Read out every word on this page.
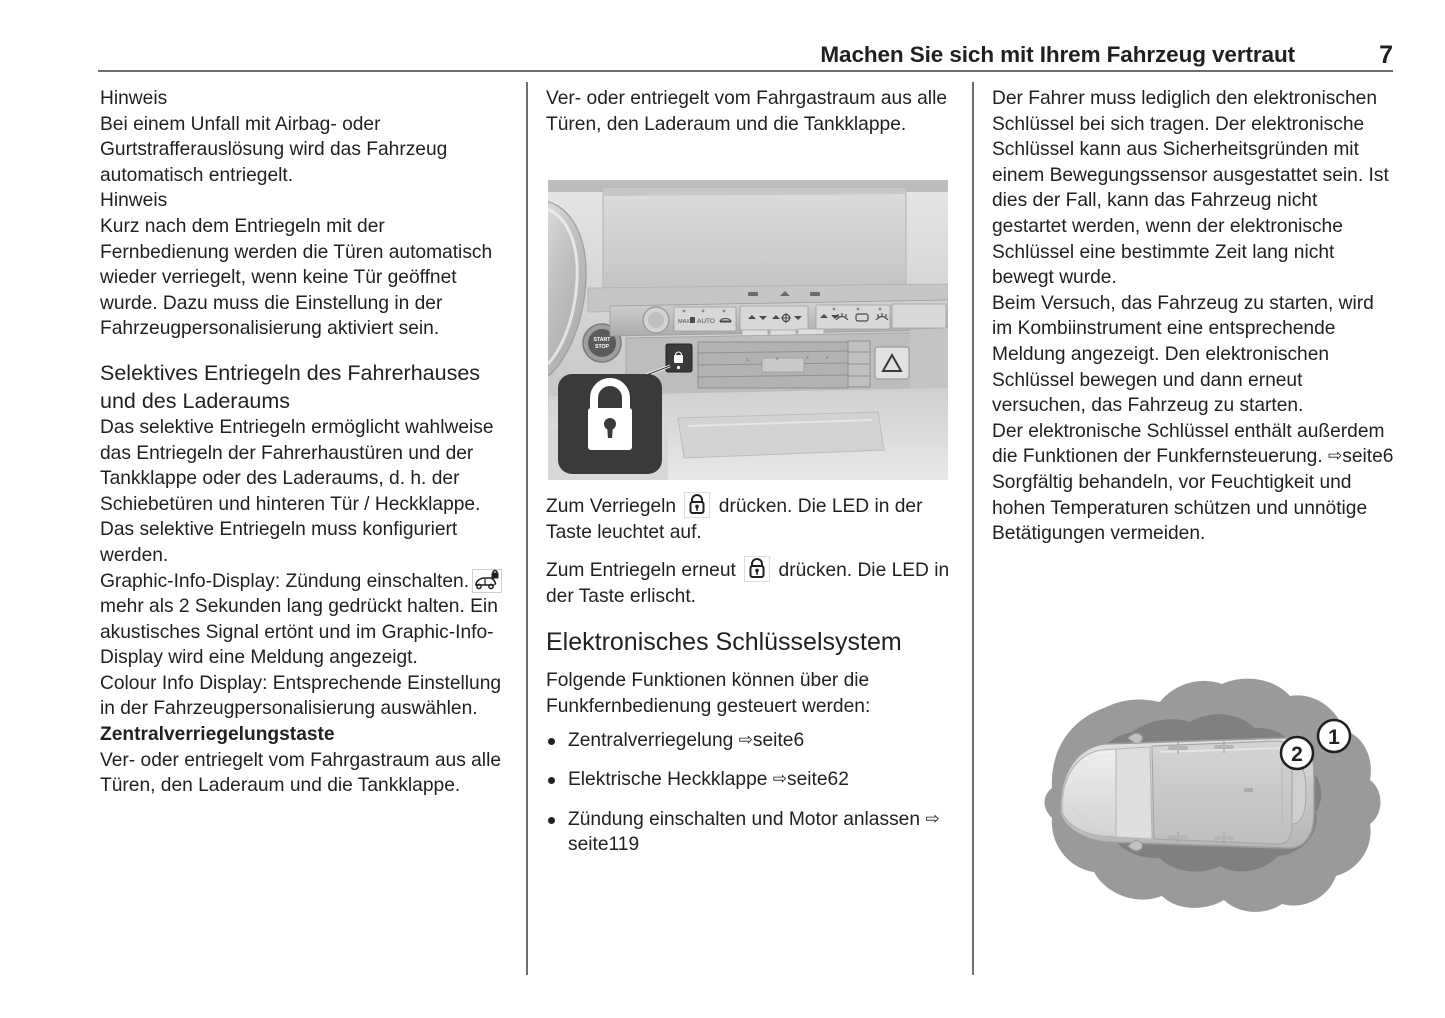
Machen Sie sich mit Ihrem Fahrzeug vertraut	7

Hinweis

Bei einem Unfall mit Airbag- oder Gurtstrafferauslösung wird das Fahrzeug automatisch entriegelt.

Hinweis

Kurz nach dem Entriegeln mit der Fernbedienung werden die Türen automatisch wieder verriegelt, wenn keine Tür geöffnet wurde. Dazu muss die Einstellung in der Fahrzeugpersonalisierung aktiviert sein.

Selektives Entriegeln des Fahrerhauses und des Laderaums

Das selektive Entriegeln ermöglicht wahlweise das Entriegeln der Fahrerhaustüren und der Tankklappe oder des Laderaums, d. h. der Schiebetüren und hinteren Tür / Heckklappe. Das selektive Entriegeln muss konfiguriert werden.

Graphic-Info-Display: Zündung einschalten.
mehr als 2 Sekunden lang gedrückt halten. Ein akustisches Signal ertönt und im Graphic-Info-Display wird eine Meldung angezeigt.

Colour Info Display: Entsprechende Einstellung in der Fahrzeugpersonalisierung auswählen.

Zentralverriegelungstaste

Ver- oder entriegelt vom Fahrgastraum aus alle Türen, den Laderaum und die Tankklappe.

Ver- oder entriegelt vom Fahrgastraum aus alle Türen, den Laderaum und die Tankklappe.

START
STOP
MAX AUTO
1	2	3	4

Zum Verriegeln drücken. Die LED in der Taste leuchtet auf.

Zum Entriegeln erneut drücken. Die LED in der Taste erlischt.

Elektronisches Schlüsselsystem

Folgende Funktionen können über die Funkfernbedienung gesteuert werden:

Zentralverriegelung ⇨seite6
Elektrische Heckklappe ⇨seite62
Zündung einschalten und Motor anlassen ⇨seite119

Der Fahrer muss lediglich den elektronischen Schlüssel bei sich tragen. Der elektronische Schlüssel kann aus Sicherheitsgründen mit einem Bewegungssensor ausgestattet sein. Ist dies der Fall, kann das Fahrzeug nicht gestartet werden, wenn der elektronische Schlüssel eine bestimmte Zeit lang nicht bewegt wurde.

Beim Versuch, das Fahrzeug zu starten, wird im Kombiinstrument eine entsprechende Meldung angezeigt. Den elektronischen Schlüssel bewegen und dann erneut versuchen, das Fahrzeug zu starten.

Der elektronische Schlüssel enthält außerdem die Funktionen der Funkfernsteuerung. ⇨seite6

Sorgfältig behandeln, vor Feuchtigkeit und hohen Temperaturen schützen und unnötige Betätigungen vermeiden.

1
2
